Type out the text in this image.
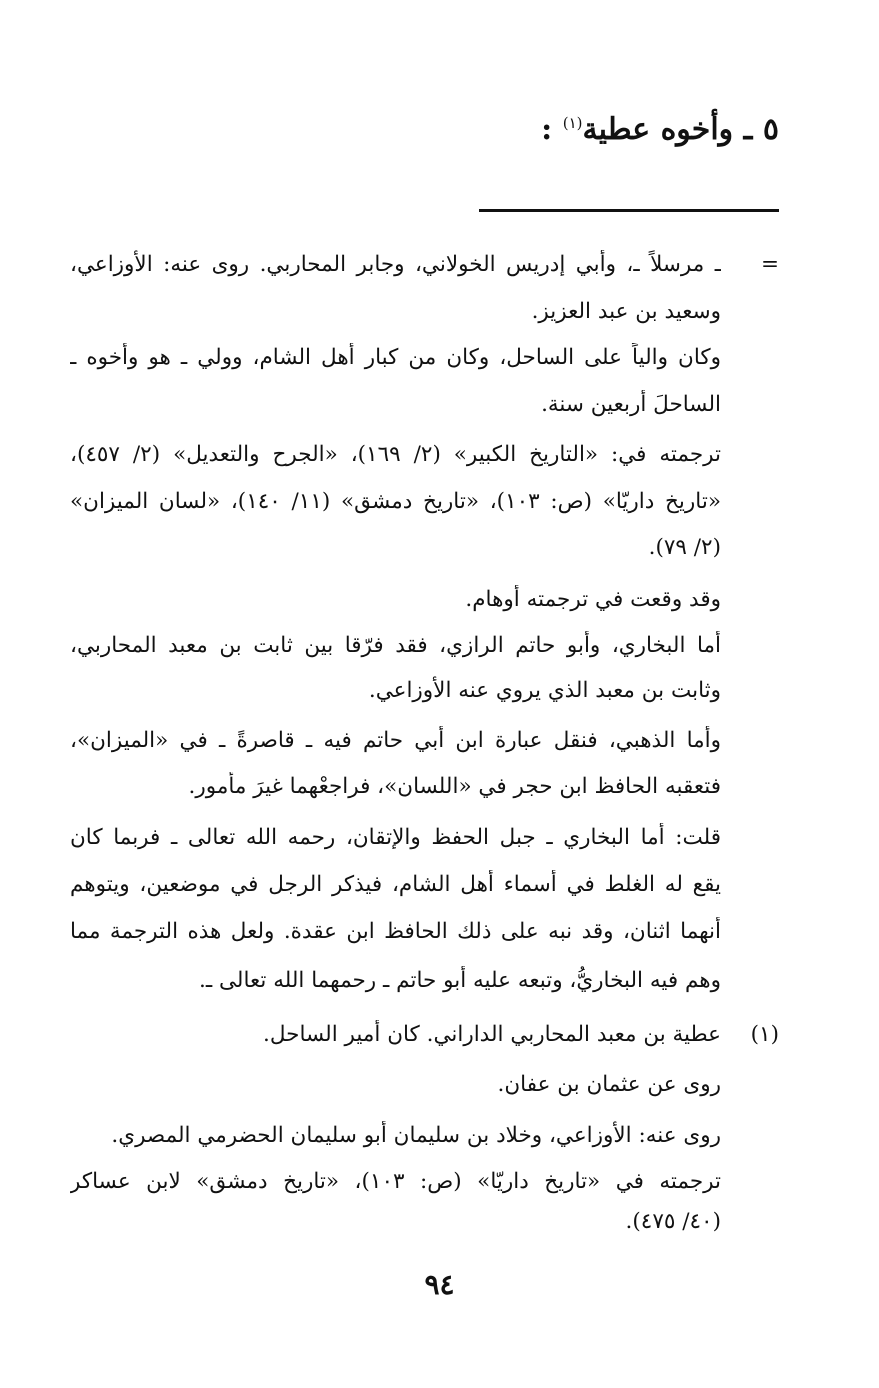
٥ ـ وأخوه عطية$^{(١)}$ :
=
ـ مرسلاً ـ، وأبي إدريس الخولاني، وجابر المحاربي. روى عنه: الأوزاعي،
وسعيد بن عبد العزيز.
وكان والياً على الساحل، وكان من كبار أهل الشام، وولي ـ هو وأخوه ـ
الساحلَ أربعين سنة.
ترجمته في: «التاريخ الكبير» (٢/ ١٦٩)، «الجرح والتعديل» (٢/ ٤٥٧)،
«تاريخ داريّا» (ص: ١٠٣)، «تاريخ دمشق» (١١/ ١٤٠)، «لسان الميزان»
(٢/ ٧٩).
وقد وقعت في ترجمته أوهام.
أما البخاري، وأبو حاتم الرازي، فقد فرّقا بين ثابت بن معبد المحاربي،
وثابت بن معبد الذي يروي عنه الأوزاعي.
وأما الذهبي، فنقل عبارة ابن أبي حاتم فيه ـ قاصرةً ـ في «الميزان»،
فتعقبه الحافظ ابن حجر في «اللسان»، فراجعْهما غيرَ مأمور.
قلت: أما البخاري ـ جبل الحفظ والإتقان، رحمه الله تعالى ـ فربما كان
يقع له الغلط في أسماء أهل الشام، فيذكر الرجل في موضعين، ويتوهم
أنهما اثنان، وقد نبه على ذلك الحافظ ابن عقدة. ولعل هذه الترجمة مما
وهم فيه البخاريُّ، وتبعه عليه أبو حاتم ـ رحمهما الله تعالى ـ.
(١)
عطية بن معبد المحاربي الداراني. كان أمير الساحل.
روى عن عثمان بن عفان.
روى عنه: الأوزاعي، وخلاد بن سليمان أبو سليمان الحضرمي المصري.
ترجمته في «تاريخ داريّا» (ص: ١٠٣)، «تاريخ دمشق» لابن عساكر
(٤٠/ ٤٧٥).
٩٤
